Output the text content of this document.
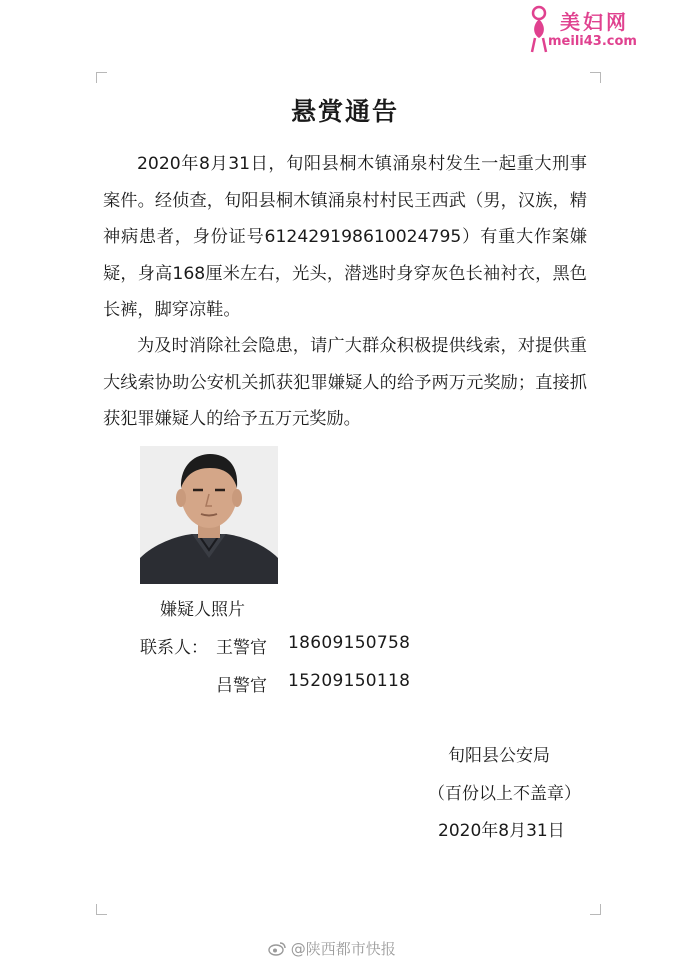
美妇网
meili43.com
悬赏通告
2020年8月31日，旬阳县桐木镇涌泉村发生一起重大刑事案件。经侦查，旬阳县桐木镇涌泉村村民王西武（男，汉族，精神病患者，身份证号612429198610024795）有重大作案嫌疑，身高168厘米左右，光头，潜逃时身穿灰色长袖衬衣，黑色长裤，脚穿凉鞋。
为及时消除社会隐患，请广大群众积极提供线索，对提供重大线索协助公安机关抓获犯罪嫌疑人的给予两万元奖励；直接抓获犯罪嫌疑人的给予五万元奖励。
嫌疑人照片
联系人： 王警官 18609150758
吕警官 15209150118
旬阳县公安局
（百份以上不盖章）
2020年8月31日
@陕西都市快报
